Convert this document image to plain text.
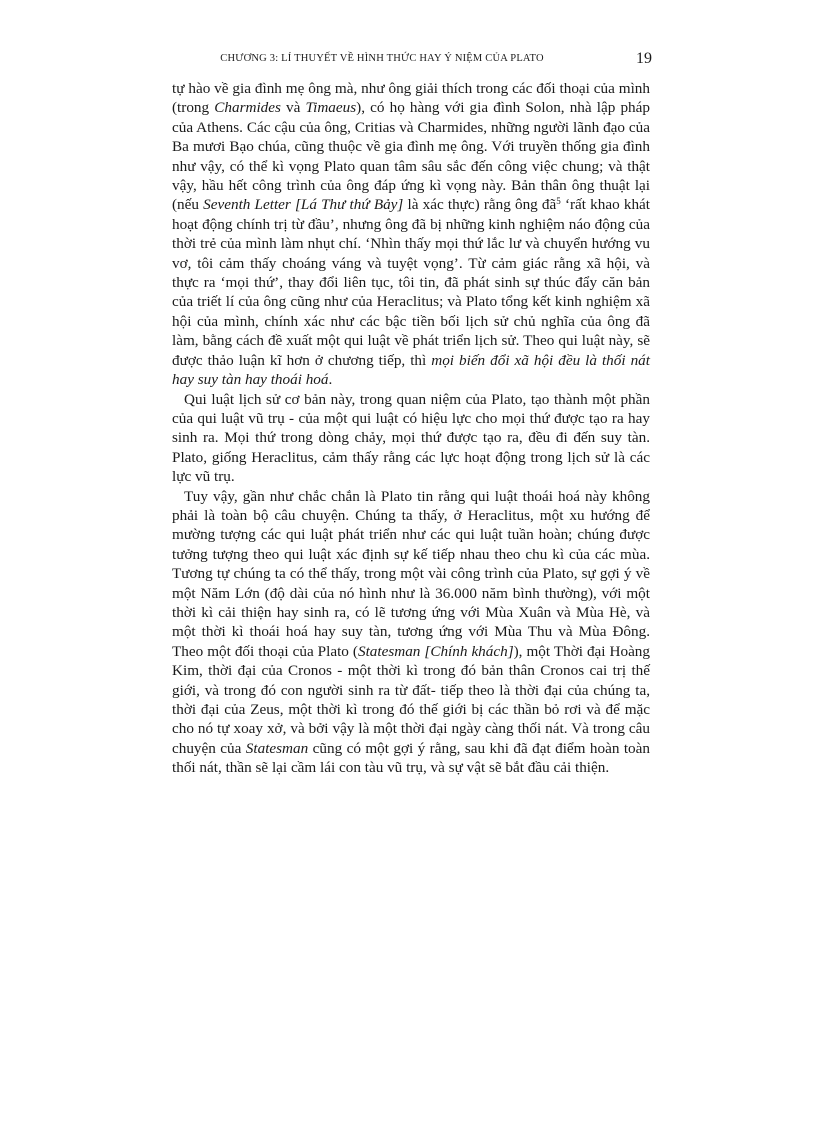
CHƯƠNG 3: LÍ THUYẾT VỀ HÌNH THỨC HAY Ý NIỆM CỦA PLATO	19

tự hào về gia đình mẹ ông mà, như ông giải thích trong các đối thoại của mình (trong Charmides và Timaeus), có họ hàng với gia đình Solon, nhà lập pháp của Athens. Các cậu của ông, Critias và Charmides, những người lãnh đạo của Ba mươi Bạo chúa, cũng thuộc về gia đình mẹ ông. Với truyền thống gia đình như vậy, có thể kì vọng Plato quan tâm sâu sắc đến công việc chung; và thật vậy, hầu hết công trình của ông đáp ứng kì vọng này. Bản thân ông thuật lại (nếu Seventh Letter [Lá Thư thứ Bảy] là xác thực) rằng ông $đã^5$ ‘rất khao khát hoạt động chính trị từ đầu’, nhưng ông đã bị những kinh nghiệm náo động của thời trẻ của mình làm nhụt chí. ‘Nhìn thấy mọi thứ lắc lư và chuyển hướng vu vơ, tôi cảm thấy choáng váng và tuyệt vọng’. Từ cảm giác rằng xã hội, và thực ra ‘mọi thứ’, thay đổi liên tục, tôi tin, đã phát sinh sự thúc đẩy căn bản của triết lí của ông cũng như của Heraclitus; và Plato tổng kết kinh nghiệm xã hội của mình, chính xác như các bậc tiền bối lịch sử chủ nghĩa của ông đã làm, bằng cách đề xuất một qui luật về phát triển lịch sử. Theo qui luật này, sẽ được thảo luận kĩ hơn ở chương tiếp, thì mọi biến đổi xã hội đều là thối nát hay suy tàn hay thoái hoá.

Qui luật lịch sử cơ bản này, trong quan niệm của Plato, tạo thành một phần của qui luật vũ trụ - của một qui luật có hiệu lực cho mọi thứ được tạo ra hay sinh ra. Mọi thứ trong dòng chảy, mọi thứ được tạo ra, đều đi đến suy tàn. Plato, giống Heraclitus, cảm thấy rằng các lực hoạt động trong lịch sử là các lực vũ trụ.

Tuy vậy, gần như chắc chắn là Plato tin rằng qui luật thoái hoá này không phải là toàn bộ câu chuyện. Chúng ta thấy, ở Heraclitus, một xu hướng để mường tượng các qui luật phát triển như các qui luật tuần hoàn; chúng được tưởng tượng theo qui luật xác định sự kế tiếp nhau theo chu kì của các mùa. Tương tự chúng ta có thể thấy, trong một vài công trình của Plato, sự gợi ý về một Năm Lớn (độ dài của nó hình như là 36.000 năm bình thường), với một thời kì cải thiện hay sinh ra, có lẽ tương ứng với Mùa Xuân và Mùa Hè, và một thời kì thoái hoá hay suy tàn, tương ứng với Mùa Thu và Mùa Đông. Theo một đối thoại của Plato (Statesman [Chính khách]), một Thời đại Hoàng Kim, thời đại của Cronos - một thời kì trong đó bản thân Cronos cai trị thế giới, và trong đó con người sinh ra từ đất- tiếp theo là thời đại của chúng ta, thời đại của Zeus, một thời kì trong đó thế giới bị các thần bỏ rơi và để mặc cho nó tự xoay xở, và bởi vậy là một thời đại ngày càng thối nát. Và trong câu chuyện của Statesman cũng có một gợi ý rằng, sau khi đã đạt điểm hoàn toàn thối nát, thần sẽ lại cầm lái con tàu vũ trụ, và sự vật sẽ bắt đầu cải thiện.
